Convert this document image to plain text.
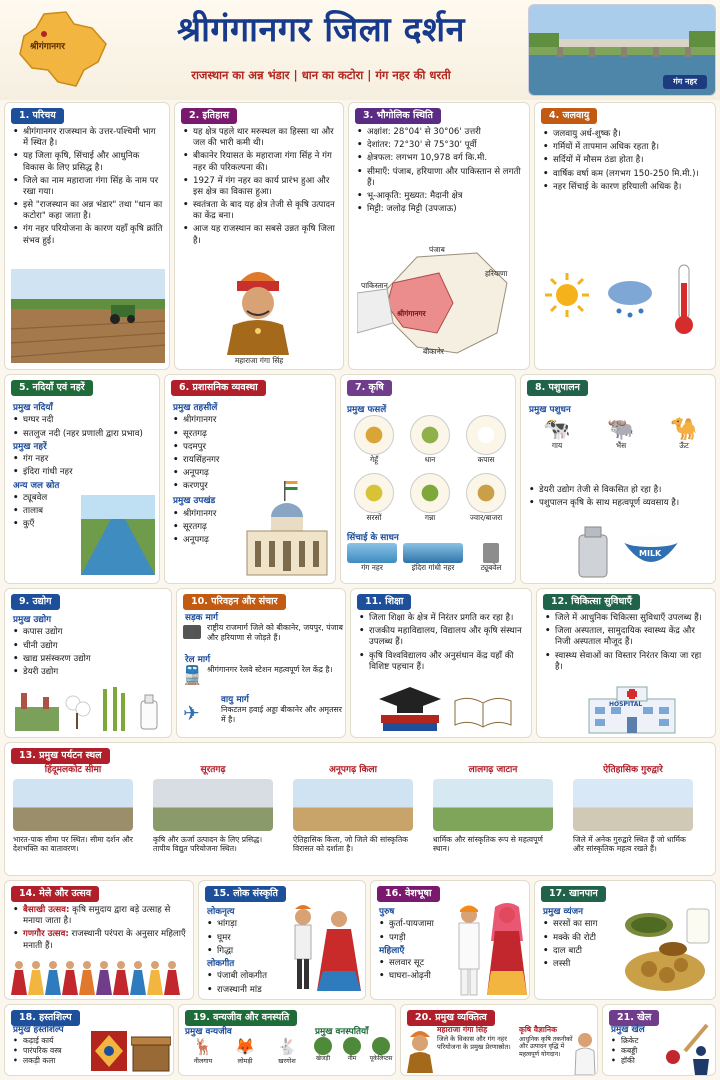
श्रीगंगानगर	श्रीगंगानगर जिला दर्शन
राजस्थान का अन्न भंडार | धान का कटोरा | गंग नहर की धरती	गंग नहर
1. परिचय
• श्रीगंगानगर राजस्थान के उत्तर-पश्चिमी भाग में स्थित है।
• यह जिला कृषि, सिंचाई और आधुनिक विकास के लिए प्रसिद्ध है।
• जिले का नाम महाराजा गंगा सिंह के नाम पर रखा गया।
• इसे "राजस्थान का अन्न भंडार" तथा "धान का कटोरा" कहा जाता है।
• गंग नहर परियोजना के कारण यहाँ कृषि क्रांति संभव हुई।
2. इतिहास
• यह क्षेत्र पहले थार मरुस्थल का हिस्सा था और जल की भारी कमी थी।
• बीकानेर रियासत के महाराजा गंगा सिंह ने गंग नहर की परिकल्पना की।
• 1927 में गंग नहर का कार्य प्रारंभ हुआ और इस क्षेत्र का विकास हुआ।
• स्वतंत्रता के बाद यह क्षेत्र तेजी से कृषि उत्पादन का केंद्र बना।
• आज यह राजस्थान का सबसे उन्नत कृषि जिला है।
महाराजा गंगा सिंह
3. भौगोलिक स्थिति
• अक्षांश: 28°04' से 30°06' उत्तरी
• देशांतर: 72°30' से 75°30' पूर्वी
• क्षेत्रफल: लगभग 10,978 वर्ग कि.मी.
• सीमाएँ: पंजाब, हरियाणा और पाकिस्तान से लगती हैं।
• भू-आकृति: मुख्यत: मैदानी क्षेत्र
• मिट्टी: जलोढ़ मिट्टी (उपजाऊ)
पंजाब
हरियाणा
पाकिस्तान
श्रीगंगानगर
बीकानेर
4. जलवायु
• जलवायु अर्ध-शुष्क है।
• गर्मियों में तापमान अधिक रहता है।
• सर्दियों में मौसम ठंडा होता है।
• वार्षिक वर्षा कम (लगभग 150-250 मि.मी.)।
• नहर सिंचाई के कारण हरियाली अधिक है।
5. नदियाँ एवं नहरें
प्रमुख नदियाँ
• घग्घर नदी
• सतलुज नदी (नहर प्रणाली द्वारा प्रभाव)
प्रमुख नहरें
• गंग नहर
• इंदिरा गांधी नहर
अन्य जल स्रोत
• ट्यूबवेल
• तालाब
• कुएँ
6. प्रशासनिक व्यवस्था
प्रमुख तहसीलें
• श्रीगंगानगर
• सूरतगढ़
• पदमपुर
• रायसिंहनगर
• अनूपगढ़
• करणपुर
प्रमुख उपखंड
• श्रीगंगानगर
• सूरतगढ़
• अनूपगढ़
7. कृषि
प्रमुख फसलें
गेहूँ	धान	कपास
सरसों	गन्ना	ज्वार/बाजरा
सिंचाई के साधन
गंग नहर	इंदिरा गांधी नहर	ट्यूबवेल
8. पशुपालन
प्रमुख पशुधन
🐄
गाय
🐃
भैंस
🐪
ऊँट
• डेयरी उद्योग तेजी से विकसित हो रहा है।
• पशुपालन कृषि के साथ महत्वपूर्ण व्यवसाय है।
MILK
9. उद्योग
प्रमुख उद्योग
• कपास उद्योग
• चीनी उद्योग
• खाद्य प्रसंस्करण उद्योग
• डेयरी उद्योग
10. परिवहन और संचार
सड़क मार्ग
राष्ट्रीय राजमार्ग जिले को बीकानेर, जयपुर, पंजाब और हरियाणा से जोड़ते हैं।
रेल मार्ग
🚆 श्रीगंगानगर रेलवे स्टेशन महत्वपूर्ण रेल केंद्र है।
वायु मार्ग
✈	निकटतम हवाई अड्डा बीकानेर और अमृतसर में है।
11. शिक्षा
• जिला शिक्षा के क्षेत्र में निरंतर प्रगति कर रहा है।
• राजकीय महाविद्यालय, विद्यालय और कृषि संस्थान उपलब्ध हैं।
• कृषि विश्वविद्यालय और अनुसंधान केंद्र यहाँ की विशिष्ट पहचान हैं।
12. चिकित्सा सुविधाएँ
• जिले में आधुनिक चिकित्सा सुविधाएँ उपलब्ध हैं।
• जिला अस्पताल, सामुदायिक स्वास्थ्य केंद्र और निजी अस्पताल मौजूद हैं।
• स्वास्थ्य सेवाओं का विस्तार निरंतर किया जा रहा है।
HOSPITAL
13. प्रमुख पर्यटन स्थल
हिंदूमलकोट सीमा
भारत-पाक सीमा पर स्थित। सीमा दर्शन और देशभक्ति का वातावरण।
सूरतगढ़
कृषि और ऊर्जा उत्पादन के लिए प्रसिद्ध। तापीय विद्युत परियोजना स्थित।
अनूपगढ़ किला
ऐतिहासिक किला, जो जिले की सांस्कृतिक विरासत को दर्शाता है।
लालगढ़ जाटान
धार्मिक और सांस्कृतिक रूप से महत्वपूर्ण स्थान।
ऐतिहासिक गुरुद्वारे
जिले में अनेक गुरुद्वारे स्थित हैं जो धार्मिक और सांस्कृतिक महत्व रखते हैं।
14. मेले और उत्सव
• बैसाखी उत्सव: कृषि समुदाय द्वारा बड़े उत्साह से मनाया जाता है।
• गणगौर उत्सव: राजस्थानी परंपरा के अनुसार महिलाएँ मनाती हैं।
15. लोक संस्कृति
लोकनृत्य
• भांगड़ा
• घूमर
• गिद्धा
लोकगीत
• पंजाबी लोकगीत
• राजस्थानी मांड
16. वेशभूषा
पुरुष
• कुर्ता-पायजामा
• पगड़ी
महिलाएँ
• सलवार सूट
• घाघरा-ओढ़नी
17. खानपान
प्रमुख व्यंजन
• सरसों का साग
• मक्के की रोटी
• दाल बाटी
• लस्सी
18. हस्तशिल्प
प्रमुख हस्तशिल्प
• कढ़ाई कार्य
• पारंपरिक वस्त्र
• लकड़ी कला
19. वन्यजीव और वनस्पति
प्रमुख वन्यजीव	प्रमुख वनस्पतियाँ
🦌
नीलगाय
🦊
लोमड़ी
🐇
खरगोश	खेजड़ी	नीम	यूकेलिप्टस
20. प्रमुख व्यक्तित्व
महाराजा गंगा सिंह
जिले के विकास और गंग नहर परियोजना के प्रमुख प्रेरणास्रोत।
कृषि वैज्ञानिक
आधुनिक कृषि तकनीकों और उत्पादन वृद्धि में महत्वपूर्ण योगदान।
21. खेल
प्रमुख खेल
• क्रिकेट
• कबड्डी
• हॉकी
